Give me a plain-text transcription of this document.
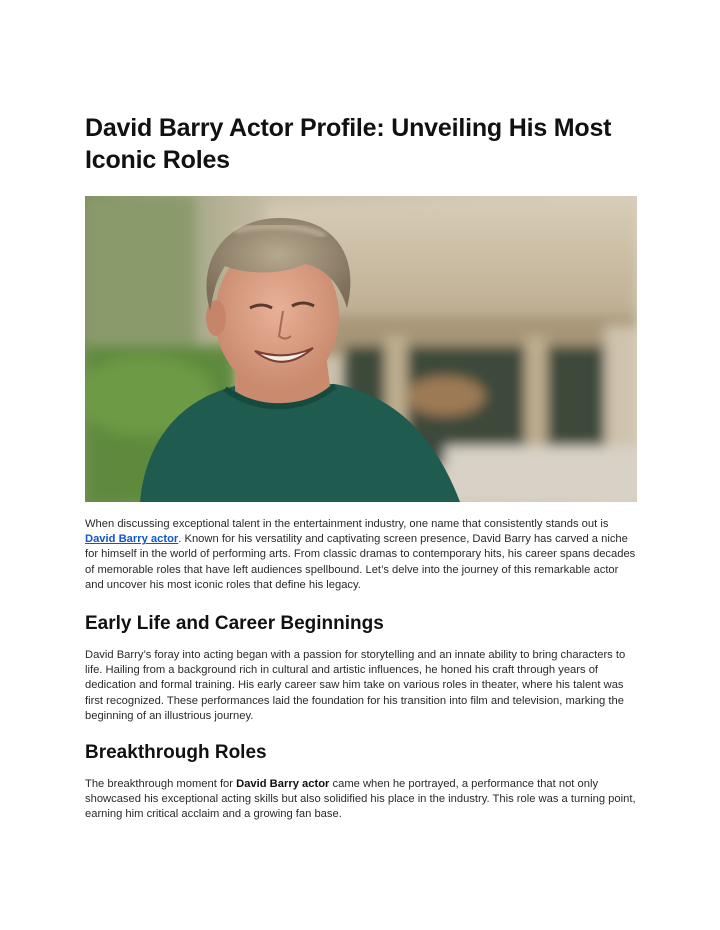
David Barry Actor Profile: Unveiling His Most Iconic Roles

When discussing exceptional talent in the entertainment industry, one name that consistently stands out is David Barry actor. Known for his versatility and captivating screen presence, David Barry has carved a niche for himself in the world of performing arts. From classic dramas to contemporary hits, his career spans decades of memorable roles that have left audiences spellbound. Let’s delve into the journey of this remarkable actor and uncover his most iconic roles that define his legacy.

Early Life and Career Beginnings

David Barry’s foray into acting began with a passion for storytelling and an innate ability to bring characters to life. Hailing from a background rich in cultural and artistic influences, he honed his craft through years of dedication and formal training. His early career saw him take on various roles in theater, where his talent was first recognized. These performances laid the foundation for his transition into film and television, marking the beginning of an illustrious journey.

Breakthrough Roles

The breakthrough moment for David Barry actor came when he portrayed, a performance that not only showcased his exceptional acting skills but also solidified his place in the industry. This role was a turning point, earning him critical acclaim and a growing fan base.
